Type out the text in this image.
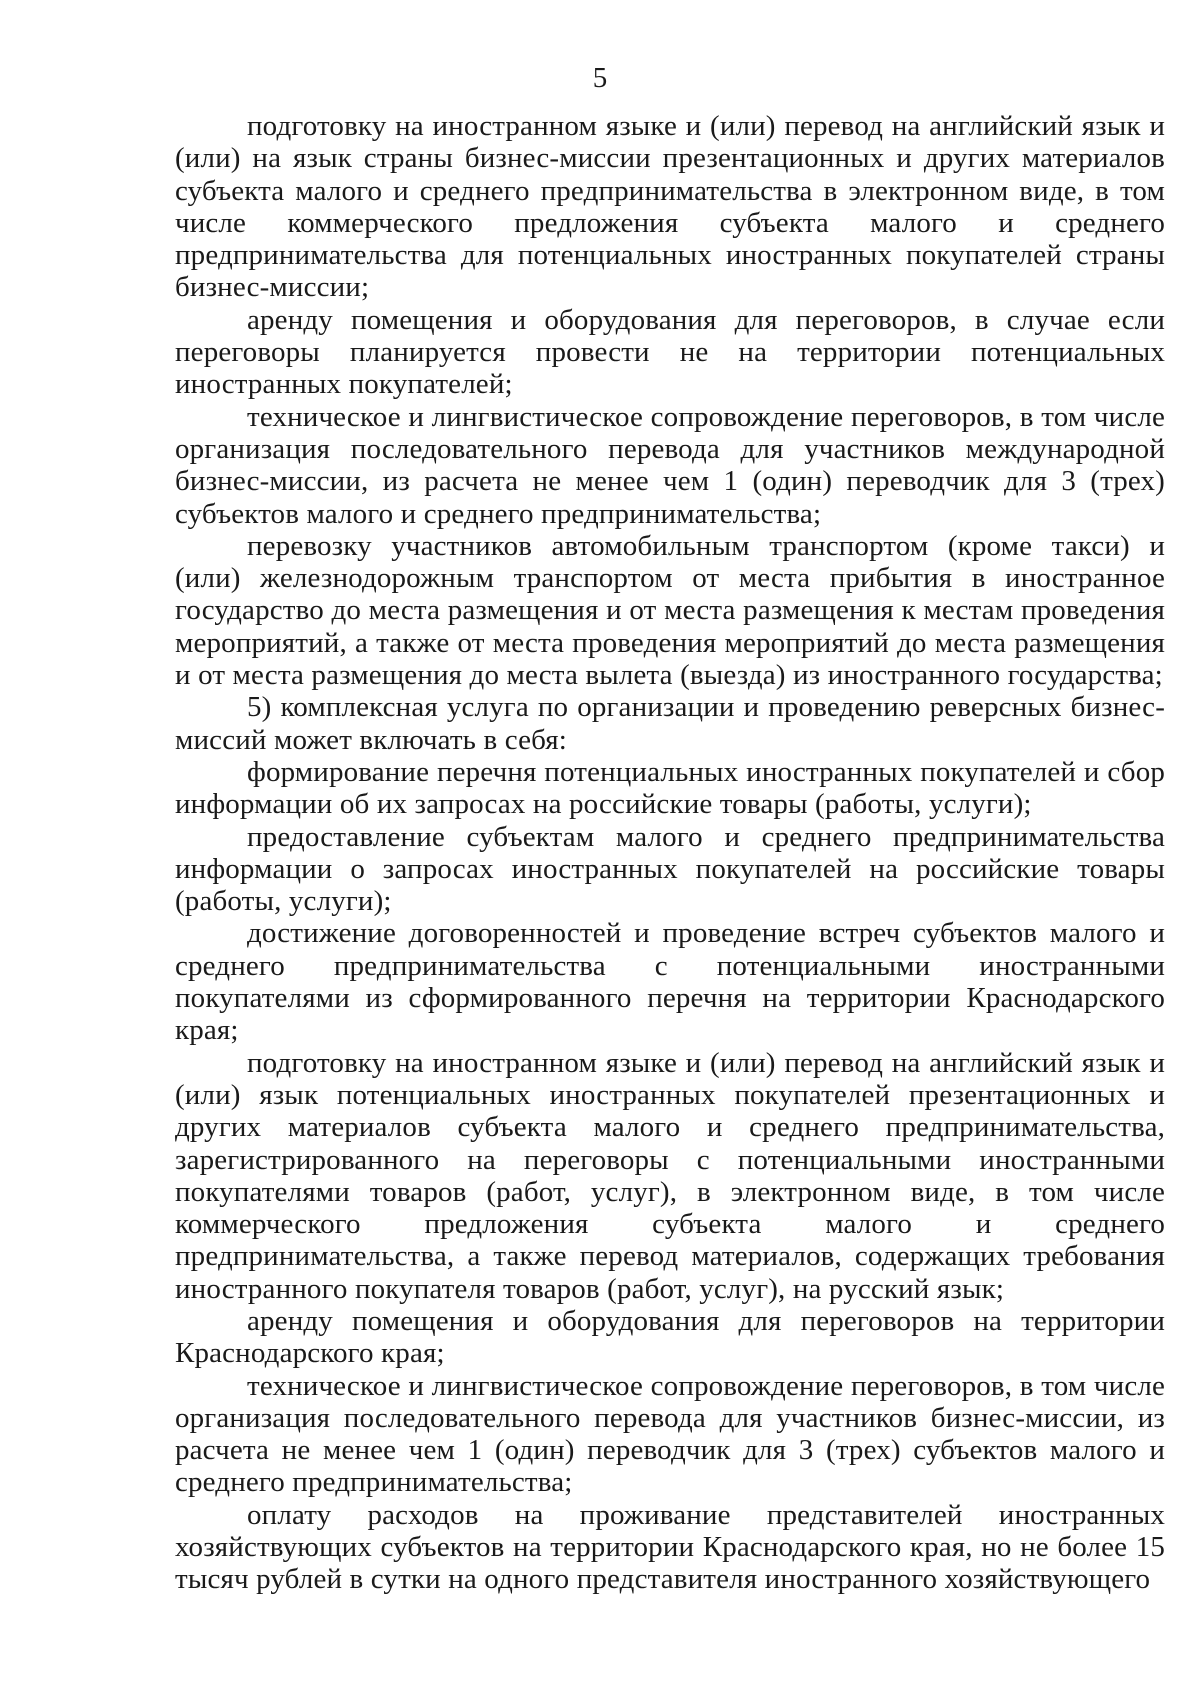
5

подготовку на иностранном языке и (или) перевод на английский язык и (или) на язык страны бизнес-миссии презентационных и других материалов субъекта малого и среднего предпринимательства в электронном виде, в том числе коммерческого предложения субъекта малого и среднего предпринимательства для потенциальных иностранных покупателей страны бизнес-миссии;

аренду помещения и оборудования для переговоров, в случае если переговоры планируется провести не на территории потенциальных иностранных покупателей;

техническое и лингвистическое сопровождение переговоров, в том числе организация последовательного перевода для участников международной бизнес-миссии, из расчета не менее чем 1 (один) переводчик для 3 (трех) субъектов малого и среднего предпринимательства;

перевозку участников автомобильным транспортом (кроме такси) и (или) железнодорожным транспортом от места прибытия в иностранное государство до места размещения и от места размещения к местам проведения мероприятий, а также от места проведения мероприятий до места размещения и от места размещения до места вылета (выезда) из иностранного государства;

5) комплексная услуга по организации и проведению реверсных бизнес-миссий может включать в себя:

формирование перечня потенциальных иностранных покупателей и сбор информации об их запросах на российские товары (работы, услуги);

предоставление субъектам малого и среднего предпринимательства информации о запросах иностранных покупателей на российские товары (работы, услуги);

достижение договоренностей и проведение встреч субъектов малого и среднего предпринимательства с потенциальными иностранными покупателями из сформированного перечня на территории Краснодарского края;

подготовку на иностранном языке и (или) перевод на английский язык и (или) язык потенциальных иностранных покупателей презентационных и других материалов субъекта малого и среднего предпринимательства, зарегистрированного на переговоры с потенциальными иностранными покупателями товаров (работ, услуг), в электронном виде, в том числе коммерческого предложения субъекта малого и среднего предпринимательства, а также перевод материалов, содержащих требования иностранного покупателя товаров (работ, услуг), на русский язык;

аренду помещения и оборудования для переговоров на территории Краснодарского края;

техническое и лингвистическое сопровождение переговоров, в том числе организация последовательного перевода для участников бизнес-миссии, из расчета не менее чем 1 (один) переводчик для 3 (трех) субъектов малого и среднего предпринимательства;

оплату расходов на проживание представителей иностранных хозяйствующих субъектов на территории Краснодарского края, но не более 15 тысяч рублей в сутки на одного представителя иностранного хозяйствующего
